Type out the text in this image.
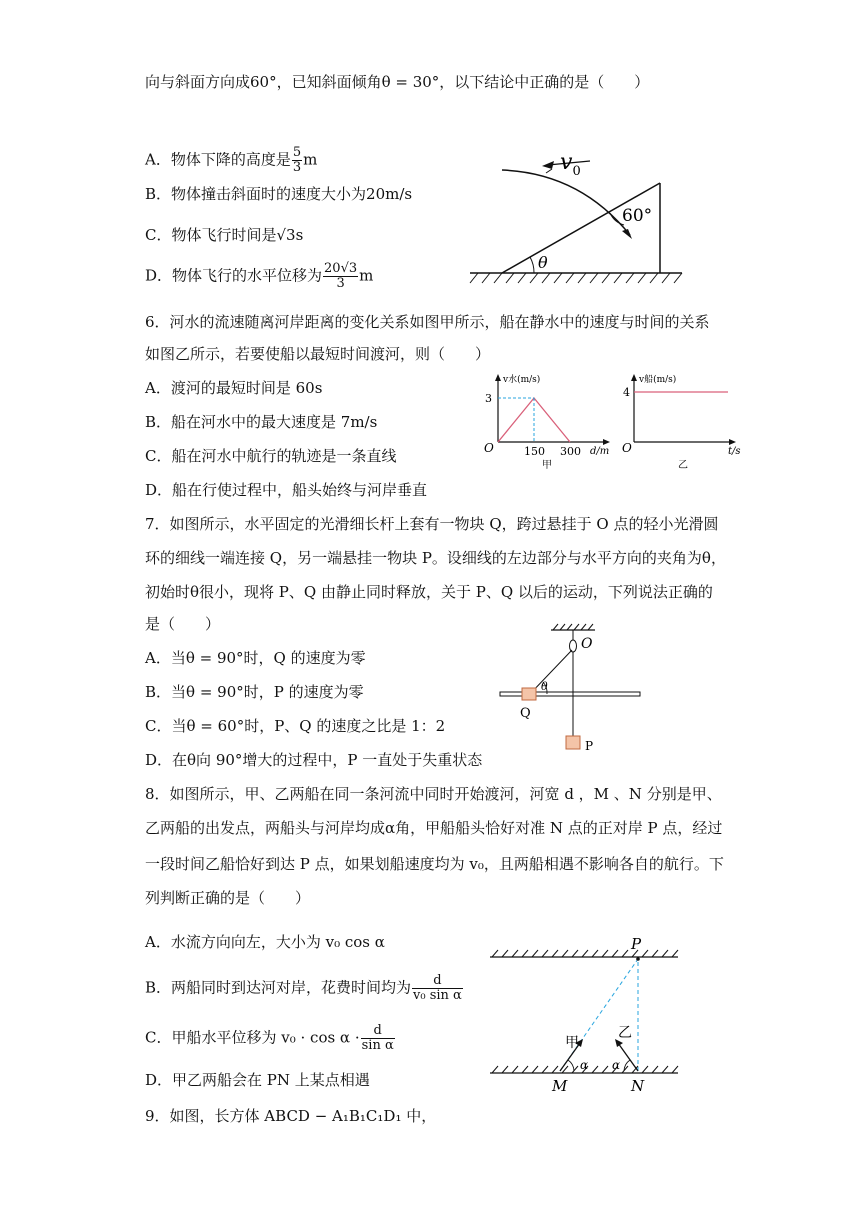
向与斜面方向成60°，已知斜面倾角θ = 30°，以下结论中正确的是（　　）
A．物体下降的高度是 $\frac{5}{3}$ m
B．物体撞击斜面时的速度大小为20m/s
C．物体飞行时间是√3s
D．物体飞行的水平位移为 $\frac{20√3}{3}$ m
θ
$v_0$
60°
6．河水的流速随离河岸距离的变化关系如图甲所示，船在静水中的速度与时间的关系
如图乙所示，若要使船以最短时间渡河，则（　　）
A．渡河的最短时间是 60s
B．船在河水中的最大速度是 7m/s
C．船在河水中航行的轨迹是一条直线
D．船在行使过程中，船头始终与河岸垂直
v水(m/s)
3
O	150 300 d/m
甲
v船(m/s)
4
O	t/s
乙
7．如图所示，水平固定的光滑细长杆上套有一物块 Q，跨过悬挂于 O 点的轻小光滑圆
环的细线一端连接 Q，另一端悬挂一物块 P。设细线的左边部分与水平方向的夹角为θ，
初始时θ很小，现将 P、Q 由静止同时释放，关于 P、Q 以后的运动，下列说法正确的
是（　　）
A．当θ = 90°时，Q 的速度为零
B．当θ = 90°时，P 的速度为零
C．当θ = 60°时，P、Q 的速度之比是 1：2
D．在θ向 90°增大的过程中，P 一直处于失重状态
O
θ
Q
P
8．如图所示，甲、乙两船在同一条河流中同时开始渡河，河宽 d ，M 、N 分别是甲、
乙两船的出发点，两船头与河岸均成α角，甲船船头恰好对准 N 点的正对岸 P 点，经过
一段时间乙船恰好到达 P 点，如果划船速度均为 v₀，且两船相遇不影响各自的航行。下
列判断正确的是（　　）
A．水流方向向左，大小为 v₀ cos α
B．两船同时到达河对岸，花费时间均为 $\frac{d}{\text{v₀ sin α}}$
C．甲船水平位移为 $v_0 \cdot \cos \alpha \cdot \frac{d}{\text{sin α}}$
D．甲乙两船会在 PN 上某点相遇
P
M	N
甲
乙
α α
9．如图，长方体 ABCD − A₁B₁C₁D₁ 中，
